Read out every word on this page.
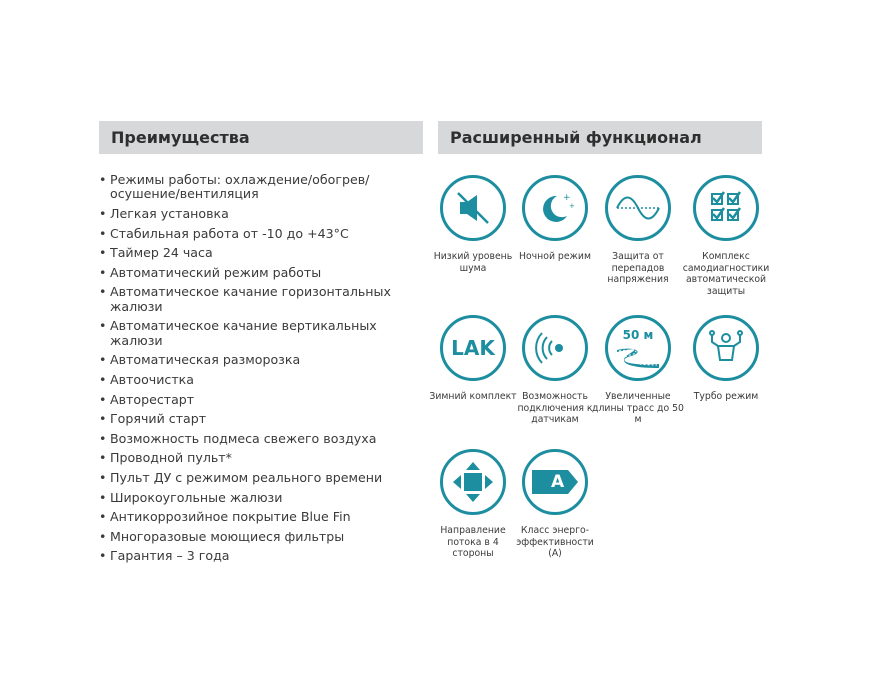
Преимущества	Расширенный функционал
• Режимы работы: охлаждение/обогрев/ осушение/вентиляция
• Легкая установка
• Стабильная работа от -10 до +43°C
• Таймер 24 часа
• Автоматический режим работы
• Автоматическое качание горизонтальных жалюзи
• Автоматическое качание вертикальных жалюзи
• Автоматическая разморозка
• Автоочистка
• Авторестарт
• Горячий старт
• Возможность подмеса свежего воздуха
• Проводной пульт*
• Пульт ДУ с режимом реального времени
• Широкоугольные жалюзи
• Антикоррозийное покрытие Blue Fin
• Многоразовые моющиеся фильтры
• Гарантия – 3 года
Низкий уровень шума
+
+
Ночной режим	Защита от перепадов напряжения
Комплекс самодиагностики автоматической защиты
LAK
Зимний комплект Возможность подключения к датчикам
50 м
Увеличенные длины трасс до 50 м
Турбо режим
Направление потока в 4 стороны
A
Класс энерго-эффективности (А)
